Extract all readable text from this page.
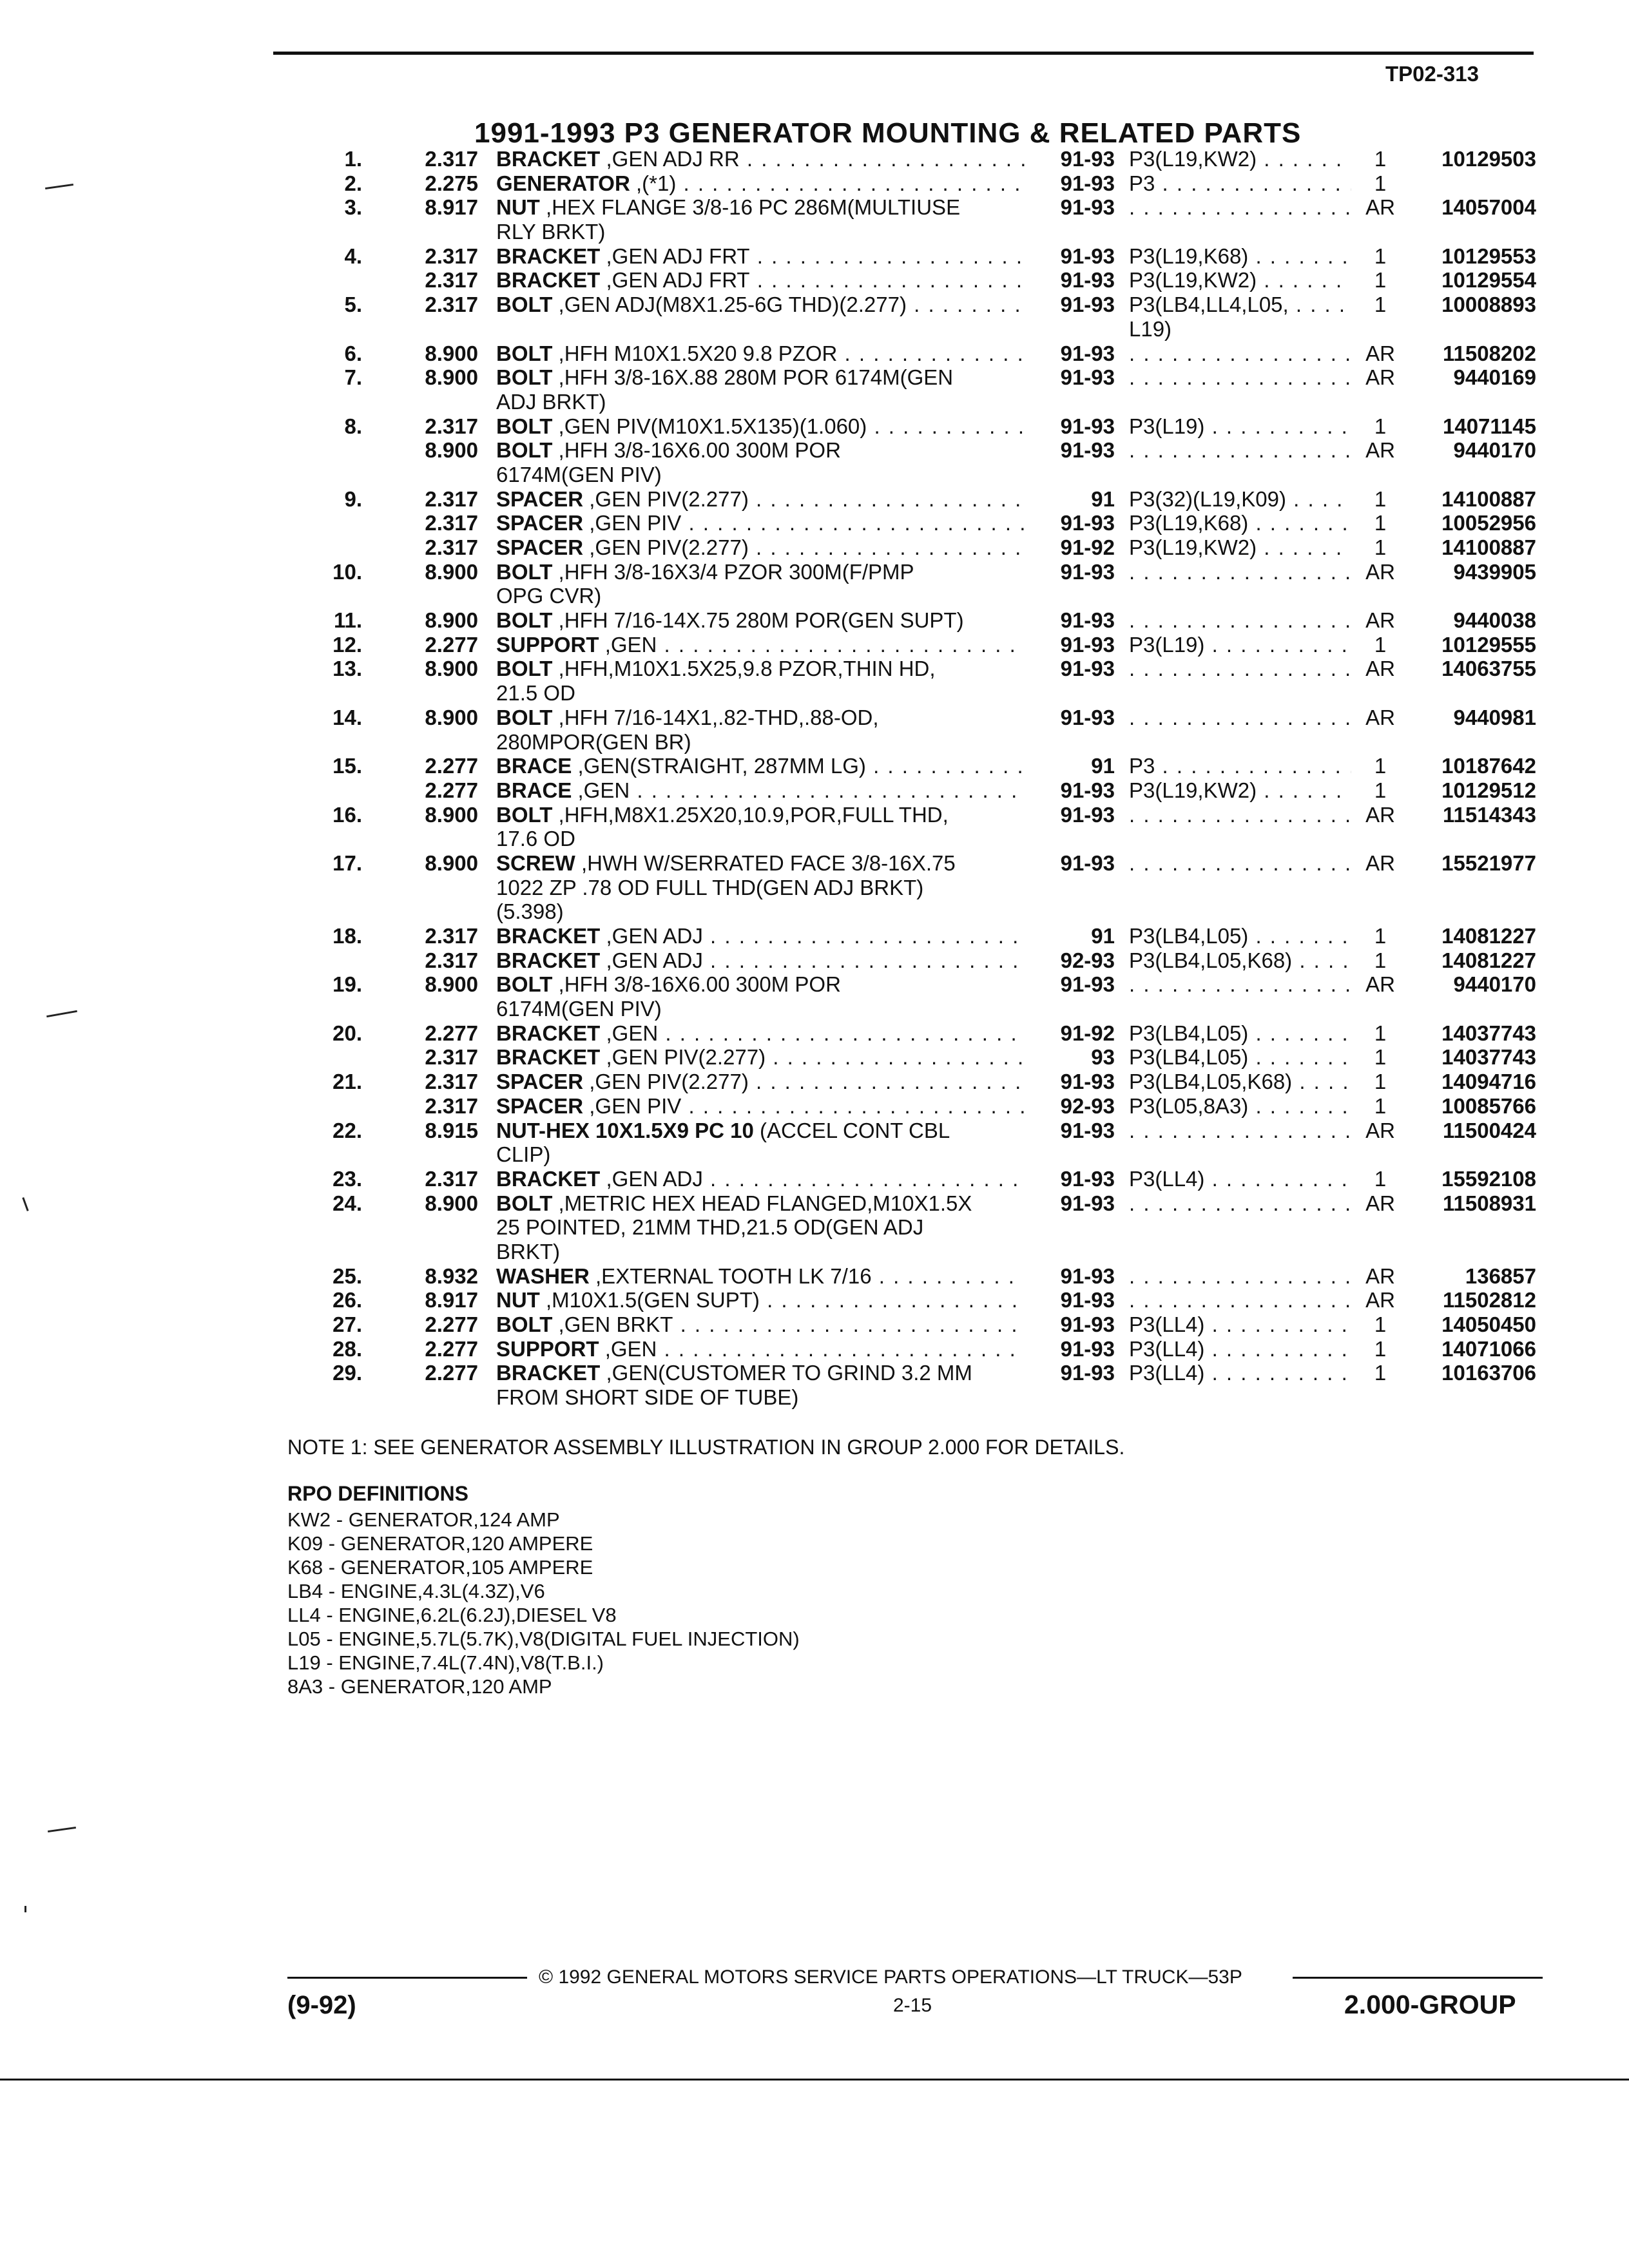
TP02-313
1991-1993 P3 GENERATOR MOUNTING & RELATED PARTS
1.	2.317 BRACKET ,GEN ADJ RR . . .	91-93 P3(L19,KW2) . . .	1	10129503
2.	2.275 GENERATOR ,(*1) . . .	91-93 P3 . . .	1
3.	8.917 NUT ,HEX FLANGE 3/8-16 PC 286M(MULTIUSE	91-93 . . .	AR	14057004
RLY BRKT)
4.	2.317 BRACKET ,GEN ADJ FRT . . .	91-93 P3(L19,K68) . . .	1	10129553
2.317 BRACKET ,GEN ADJ FRT . . .	91-93 P3(L19,KW2) . . .	1	10129554
5.	2.317 BOLT ,GEN ADJ(M8X1.25-6G THD)(2.277) . . .	91-93 P3(LB4,LL4,L05, . . .	1	10008893
L19)
6.	8.900 BOLT ,HFH M10X1.5X20 9.8 PZOR . . .	91-93 . . .	AR	11508202
7.	8.900 BOLT ,HFH 3/8-16X.88 280M POR 6174M(GEN	91-93 . . .	AR	9440169
ADJ BRKT)
8.	2.317 BOLT ,GEN PIV(M10X1.5X135)(1.060) . . .	91-93 P3(L19) . . .	1	14071145
8.900 BOLT ,HFH 3/8-16X6.00 300M POR	91-93 . . .	AR	9440170
6174M(GEN PIV)
9.	2.317 SPACER ,GEN PIV(2.277) . . .	91 P3(32)(L19,K09) . . .	1	14100887
2.317 SPACER ,GEN PIV . . .	91-93 P3(L19,K68) . . .	1	10052956
2.317 SPACER ,GEN PIV(2.277) . . .	91-92 P3(L19,KW2) . . .	1	14100887
10.	8.900 BOLT ,HFH 3/8-16X3/4 PZOR 300M(F/PMP	91-93 . . .	AR	9439905
OPG CVR)
11.	8.900 BOLT ,HFH 7/16-14X.75 280M POR(GEN SUPT)	91-93 . . .	AR	9440038
12.	2.277 SUPPORT ,GEN . . .	91-93 P3(L19) . . .	1	10129555
13.	8.900 BOLT ,HFH,M10X1.5X25,9.8 PZOR,THIN HD,	91-93 . . .	AR	14063755
21.5 OD
14.	8.900 BOLT ,HFH 7/16-14X1,.82-THD,.88-OD,	91-93 . . .	AR	9440981
280MPOR(GEN BR)
15.	2.277 BRACE ,GEN(STRAIGHT, 287MM LG) . . .	91 P3 . . .	1	10187642
2.277 BRACE ,GEN . . .	91-93 P3(L19,KW2) . . .	1	10129512
16.	8.900 BOLT ,HFH,M8X1.25X20,10.9,POR,FULL THD,	91-93 . . .	AR	11514343
17.6 OD
17.	8.900 SCREW ,HWH W/SERRATED FACE 3/8-16X.75	91-93 . . .	AR	15521977
1022 ZP .78 OD FULL THD(GEN ADJ BRKT)
(5.398)
18.	2.317 BRACKET ,GEN ADJ . . .	91 P3(LB4,L05) . . .	1	14081227
2.317 BRACKET ,GEN ADJ . . .	92-93 P3(LB4,L05,K68) . . .	1	14081227
19.	8.900 BOLT ,HFH 3/8-16X6.00 300M POR	91-93 . . .	AR	9440170
6174M(GEN PIV)
20.	2.277 BRACKET ,GEN . . .	91-92 P3(LB4,L05) . . .	1	14037743
2.317 BRACKET ,GEN PIV(2.277) . . .	93 P3(LB4,L05) . . .	1	14037743
21.	2.317 SPACER ,GEN PIV(2.277) . . .	91-93 P3(LB4,L05,K68) . . .	1	14094716
2.317 SPACER ,GEN PIV . . .	92-93 P3(L05,8A3) . . .	1	10085766
22.	8.915 NUT-HEX 10X1.5X9 PC 10 (ACCEL CONT CBL	91-93 . . .	AR	11500424
CLIP)
23.	2.317 BRACKET ,GEN ADJ . . .	91-93 P3(LL4) . . .	1	15592108
24.	8.900 BOLT ,METRIC HEX HEAD FLANGED,M10X1.5X	91-93 . . .	AR	11508931
25 POINTED, 21MM THD,21.5 OD(GEN ADJ
BRKT)
25.	8.932 WASHER ,EXTERNAL TOOTH LK 7/16 . . .	91-93 . . .	AR	136857
26.	8.917 NUT ,M10X1.5(GEN SUPT) . . .	91-93 . . .	AR	11502812
27.	2.277 BOLT ,GEN BRKT . . .	91-93 P3(LL4) . . .	1	14050450
28.	2.277 SUPPORT ,GEN . . .	91-93 P3(LL4) . . .	1	14071066
29.	2.277 BRACKET ,GEN(CUSTOMER TO GRIND 3.2 MM	91-93 P3(LL4) . . .	1	10163706
FROM SHORT SIDE OF TUBE)
NOTE 1: SEE GENERATOR ASSEMBLY ILLUSTRATION IN GROUP 2.000 FOR DETAILS.
RPO DEFINITIONS
KW2 - GENERATOR,124 AMP
K09 - GENERATOR,120 AMPERE
K68 - GENERATOR,105 AMPERE
LB4 - ENGINE,4.3L(4.3Z),V6
LL4 - ENGINE,6.2L(6.2J),DIESEL V8
L05 - ENGINE,5.7L(5.7K),V8(DIGITAL FUEL INJECTION)
L19 - ENGINE,7.4L(7.4N),V8(T.B.I.)
8A3 - GENERATOR,120 AMP
© 1992 GENERAL MOTORS SERVICE PARTS OPERATIONS—LT TRUCK—53P
(9-92)	2-15	2.000-GROUP
